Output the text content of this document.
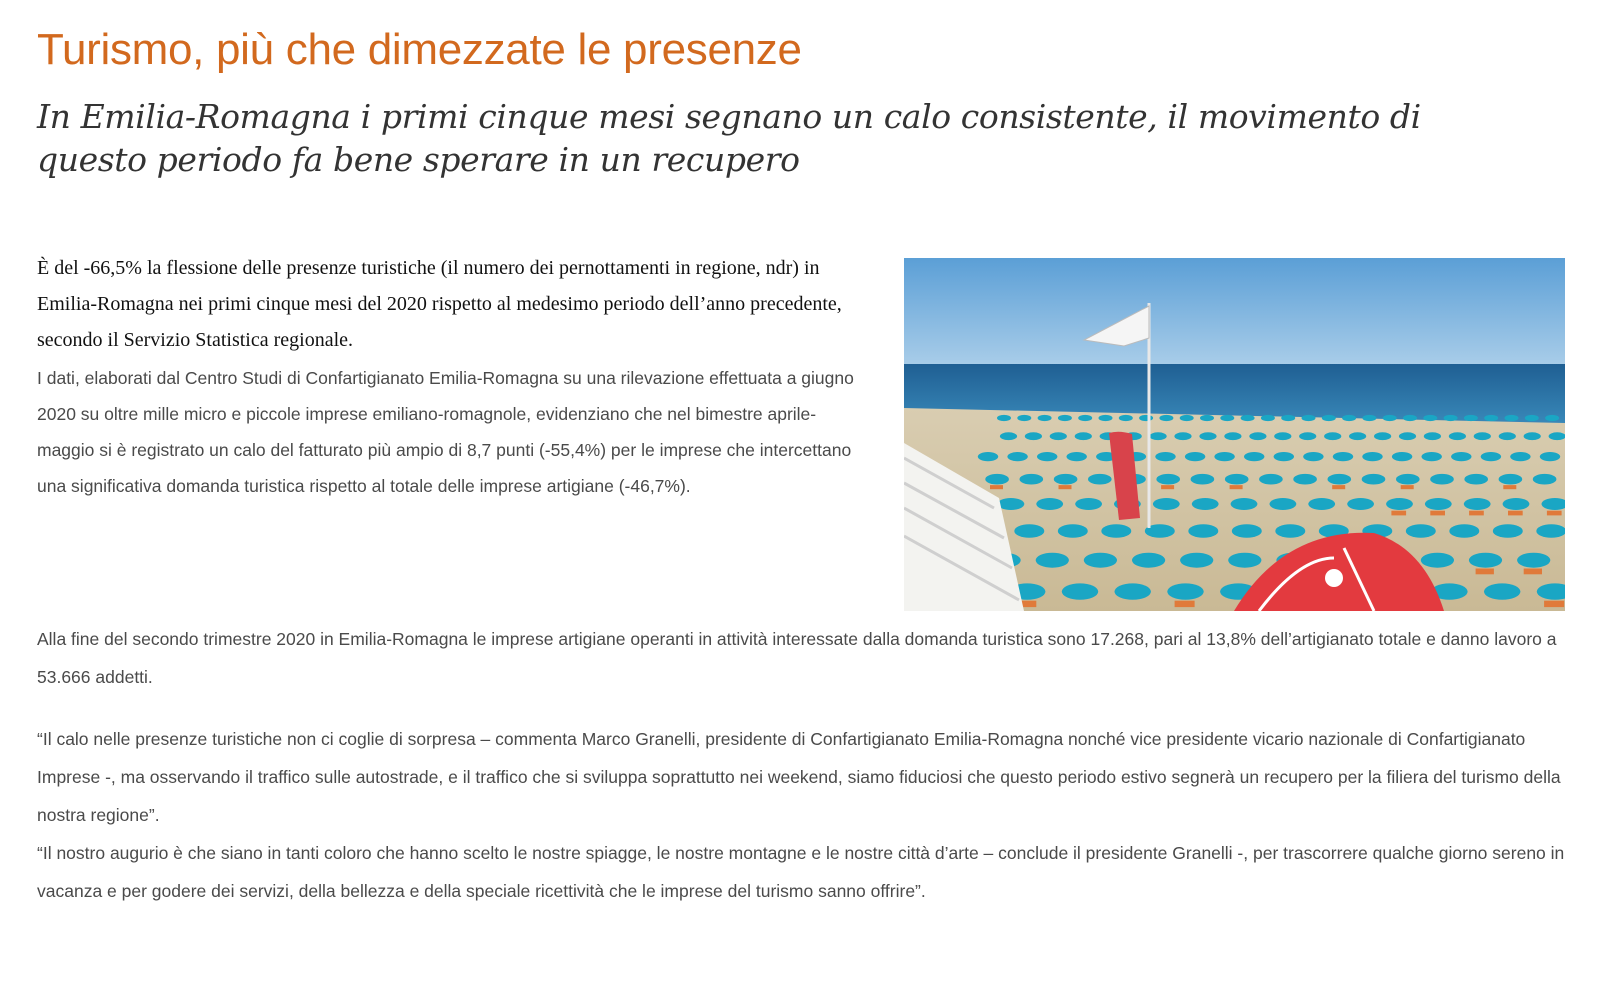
Turismo, più che dimezzate le presenze
In Emilia-Romagna i primi cinque mesi segnano un calo consistente, il movimento di questo periodo fa bene sperare in un recupero

È del -66,5% la flessione delle presenze turistiche (il numero dei pernottamenti in regione, ndr) in Emilia-Romagna nei primi cinque mesi del 2020 rispetto al medesimo periodo dell’anno precedente, secondo il Servizio Statistica regionale.

I dati, elaborati dal Centro Studi di Confartigianato Emilia-Romagna su una rilevazione effettuata a giugno 2020 su oltre mille micro e piccole imprese emiliano-romagnole, evidenziano che nel bimestre aprile-maggio si è registrato un calo del fatturato più ampio di 8,7 punti (-55,4%) per le imprese che intercettano una significativa domanda turistica rispetto al totale delle imprese artigiane (-46,7%).

Alla fine del secondo trimestre 2020 in Emilia-Romagna le imprese artigiane operanti in attività interessate dalla domanda turistica sono 17.268, pari al 13,8% dell’artigianato totale e danno lavoro a 53.666 addetti.

“Il calo nelle presenze turistiche non ci coglie di sorpresa – commenta Marco Granelli, presidente di Confartigianato Emilia-Romagna nonché vice presidente vicario nazionale di Confartigianato Imprese -, ma osservando il traffico sulle autostrade, e il traffico che si sviluppa soprattutto nei weekend, siamo fiduciosi che questo periodo estivo segnerà un recupero per la filiera del turismo della nostra regione”.

“Il nostro augurio è che siano in tanti coloro che hanno scelto le nostre spiagge, le nostre montagne e le nostre città d’arte – conclude il presidente Granelli -, per trascorrere qualche giorno sereno in vacanza e per godere dei servizi, della bellezza e della speciale ricettività che le imprese del turismo sanno offrire”.
